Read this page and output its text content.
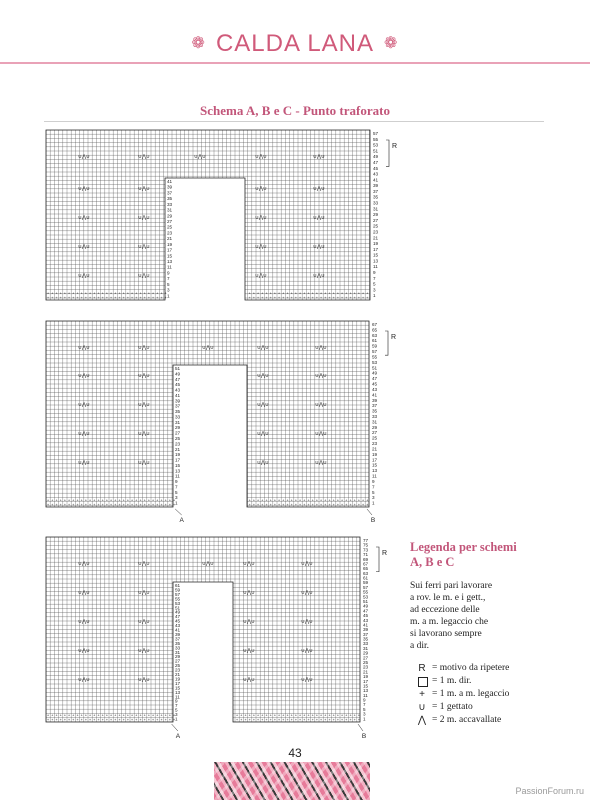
❁ CALDA LANA ❁
Schema A, B e C - Punto traforato
+ + + + + + + + + + + + + + + + + + + + + + + + + + + + +	+ + + + + + + + + + + + + + + + + + + + + + + + + + + + +
+ + + + + + + + + + + + + + + + + + + + + + + + + + + + +	+ + + + + + + + + + + + + + + + + + + + + + + + + + + + +
∪⋀∪	∪⋀∪	∪⋀∪	∪⋀∪	∪⋀∪
∪⋀∪	∪⋀∪	∪⋀∪	∪⋀∪
∪⋀∪	∪⋀∪	∪⋀∪	∪⋀∪
∪⋀∪	∪⋀∪	∪⋀∪	∪⋀∪
∪⋀∪	∪⋀∪	∪⋀∪	∪⋀∪
57
55
53
51
49
47
45
43
41
39
37
35
33
31
29
27
25
23
21
19
17
15
13
11
9
7
5
3
1
41
39
37
35
33
31
29
27
25
23
21
19
17
15
13
11
9
7
5
3
1
R
+ + + + + + + + + + + + + + + + + + + + + + + + + + + + + + +	+ + + + + + + + + + + + + + + + + + + + + + + + + + + + +
+ + + + + + + + + + + + + + + + + + + + + + + + + + + + + + +	+ + + + + + + + + + + + + + + + + + + + + + + + + + + + +
∪⋀∪	∪⋀∪	∪⋀∪	∪⋀∪	∪⋀∪
∪⋀∪	∪⋀∪	∪⋀∪	∪⋀∪
∪⋀∪	∪⋀∪	∪⋀∪	∪⋀∪
∪⋀∪	∪⋀∪	∪⋀∪	∪⋀∪
∪⋀∪	∪⋀∪	∪⋀∪	∪⋀∪
67
65
63
61
59
57
55
53
51
49
47
45
43
41
39
37
35
33
31
29
27
25
23
21
19
17
15
13
11
9
7
5
3
1
51
49
47
45
43
41
39
37
35
33
31
29
27
25
23
21
19
17
15
13
11
9
7
5
3
1
R
A	B
+ + + + + + + + + + + + + + + + + + + + + + + + + + + + + + +	+ + + + + + + + + + + + + + + + + + + + + + + + + + + + + +
+ + + + + + + + + + + + + + + + + + + + + + + + + + + + + + +	+ + + + + + + + + + + + + + + + + + + + + + + + + + + + + +
∪⋀∪	∪⋀∪	∪⋀∪	∪⋀∪	∪⋀∪
∪⋀∪	∪⋀∪	∪⋀∪	∪⋀∪
∪⋀∪	∪⋀∪	∪⋀∪	∪⋀∪
∪⋀∪	∪⋀∪	∪⋀∪	∪⋀∪
∪⋀∪	∪⋀∪	∪⋀∪	∪⋀∪
77
75
73
71
69
67
65
63
61
59
57
55
53
51
49
47
45
43
41
39
37
35
33
31
29
27
25
23
21
19
17
15
13
11
9
7
5
3
1
61
59
57
55
53
51
49
47
45
43
41
39
37
35
33
31
29
27
25
23
21
19
17
15
13
11
9
7
5
3
1
R
A	B
Legenda per schemi
A, B e C
Sui ferri pari lavorare
a rov. le m. e i gett.,
ad eccezione delle
m. a m. legaccio che
si lavorano sempre
a dir.
R = motivo da ripetere
= 1 m. dir.
+ = 1 m. a m. legaccio
∪ = 1 gettato
⋀ = 2 m. accavallate
43
PassionForum.ru
